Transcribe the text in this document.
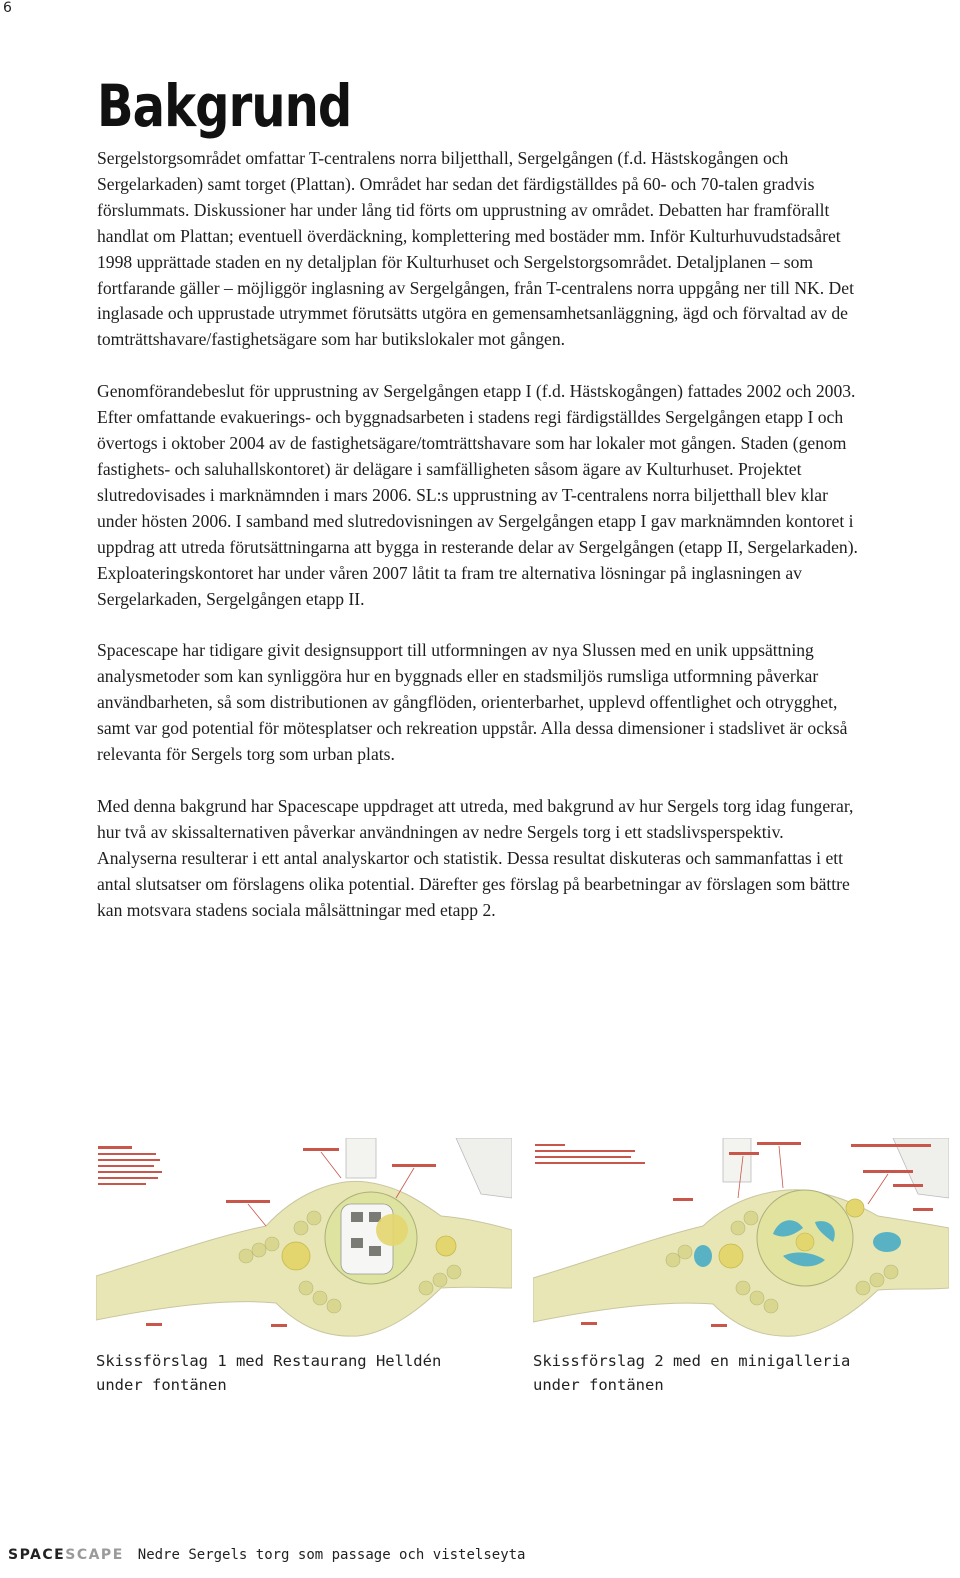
6
Bakgrund

Sergelstorgsområdet omfattar T-centralens norra biljetthall, Sergelgången (f.d. Hästskogången och Sergelarkaden) samt torget (Plattan). Området har sedan det färdigställdes på 60- och 70-talen gradvis förslummats. Diskussioner har under lång tid förts om upprustning av området. Debatten har framförallt handlat om Plattan; eventuell överdäckning, komplettering med bostäder mm. Inför Kulturhuvudstadsåret 1998 upprättade staden en ny detaljplan för Kulturhuset och Sergelstorgsområdet. Detaljplanen – som fortfarande gäller – möjliggör inglasning av Sergelgången, från T-centralens norra uppgång ner till NK. Det inglasade och upprustade utrymmet förutsätts utgöra en gemensamhetsanläggning, ägd och förvaltad av de tomträttshavare/fastighetsägare som har butikslokaler mot gången.

Genomförandebeslut för upprustning av Sergelgången etapp I (f.d. Hästskogången) fattades 2002 och 2003. Efter omfattande evakuerings- och byggnadsarbeten i stadens regi färdigställdes Sergelgången etapp I och övertogs i oktober 2004 av de fastighetsägare/tomträttshavare som har lokaler mot gången. Staden (genom fastighets- och saluhallskontoret) är delägare i samfälligheten såsom ägare av Kulturhuset. Projektet slutredovisades i marknämnden i mars 2006. SL:s upprustning av T-centralens norra biljetthall blev klar under hösten 2006. I samband med slutredovisningen av Sergelgången etapp I gav marknämnden kontoret i uppdrag att utreda förutsättningarna att bygga in resterande delar av Sergelgången (etapp II, Sergelarkaden). Exploateringskontoret har under våren 2007 låtit ta fram tre alternativa lösningar på inglasningen av Sergelarkaden, Sergelgången etapp II.

Spacescape har tidigare givit designsupport till utformningen av nya Slussen med en unik uppsättning analysmetoder som kan synliggöra hur en byggnads eller en stadsmiljös rumsliga utformning påverkar användbarheten, så som distributionen av gångflöden, orienterbarhet, upplevd offentlighet och otrygghet, samt var god potential för mötesplatser och rekreation uppstår. Alla dessa dimensioner i stadslivet är också relevanta för Sergels torg som urban plats.

Med denna bakgrund har Spacescape uppdraget att utreda, med bakgrund av hur Sergels torg idag fungerar, hur två av skissalternativen påverkar användningen av nedre Sergels torg i ett stadslivsperspektiv. Analyserna resulterar i ett antal analyskartor och statistik. Dessa resultat diskuteras och sammanfattas i ett antal slutsatser om förslagens olika potential. Därefter ges förslag på bearbetningar av förslagen som bättre kan motsvara stadens sociala målsättningar med etapp 2.

Skissförslag 1 med Restaurang Helldén
under fontänen

Skissförslag 2 med en minigalleria
under fontänen

SPACESCAPE Nedre Sergels torg som passage och vistelseyta
